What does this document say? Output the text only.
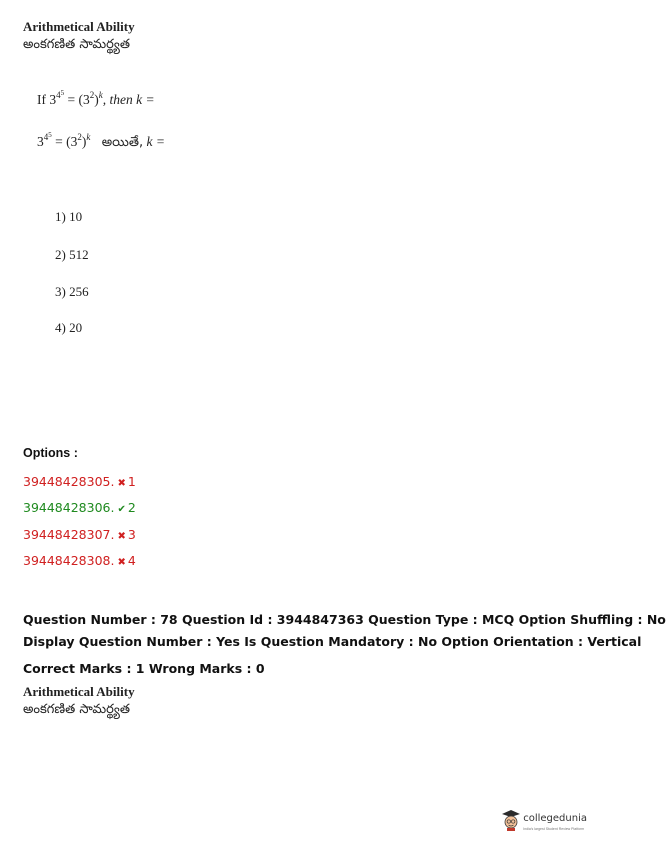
Arithmetical Ability
అంకగణిత సామర్థ్యత
If $3^{4^5} = (3^2)^k$, then k =
$3^{4^5} = (3^2)^k$ అయితే, k =
1) 10
2) 512
3) 256
4) 20
Options :
39448428305. ✖ 1
39448428306. ✔ 2
39448428307. ✖ 3
39448428308. ✖ 4
Question Number : 78 Question Id : 3944847363 Question Type : MCQ Option Shuffling : No
Display Question Number : Yes Is Question Mandatory : No Option Orientation : Vertical
Correct Marks : 1 Wrong Marks : 0
Arithmetical Ability
అంకగణిత సామర్థ్యత
collegedunia
India's largest Student Review Platform
